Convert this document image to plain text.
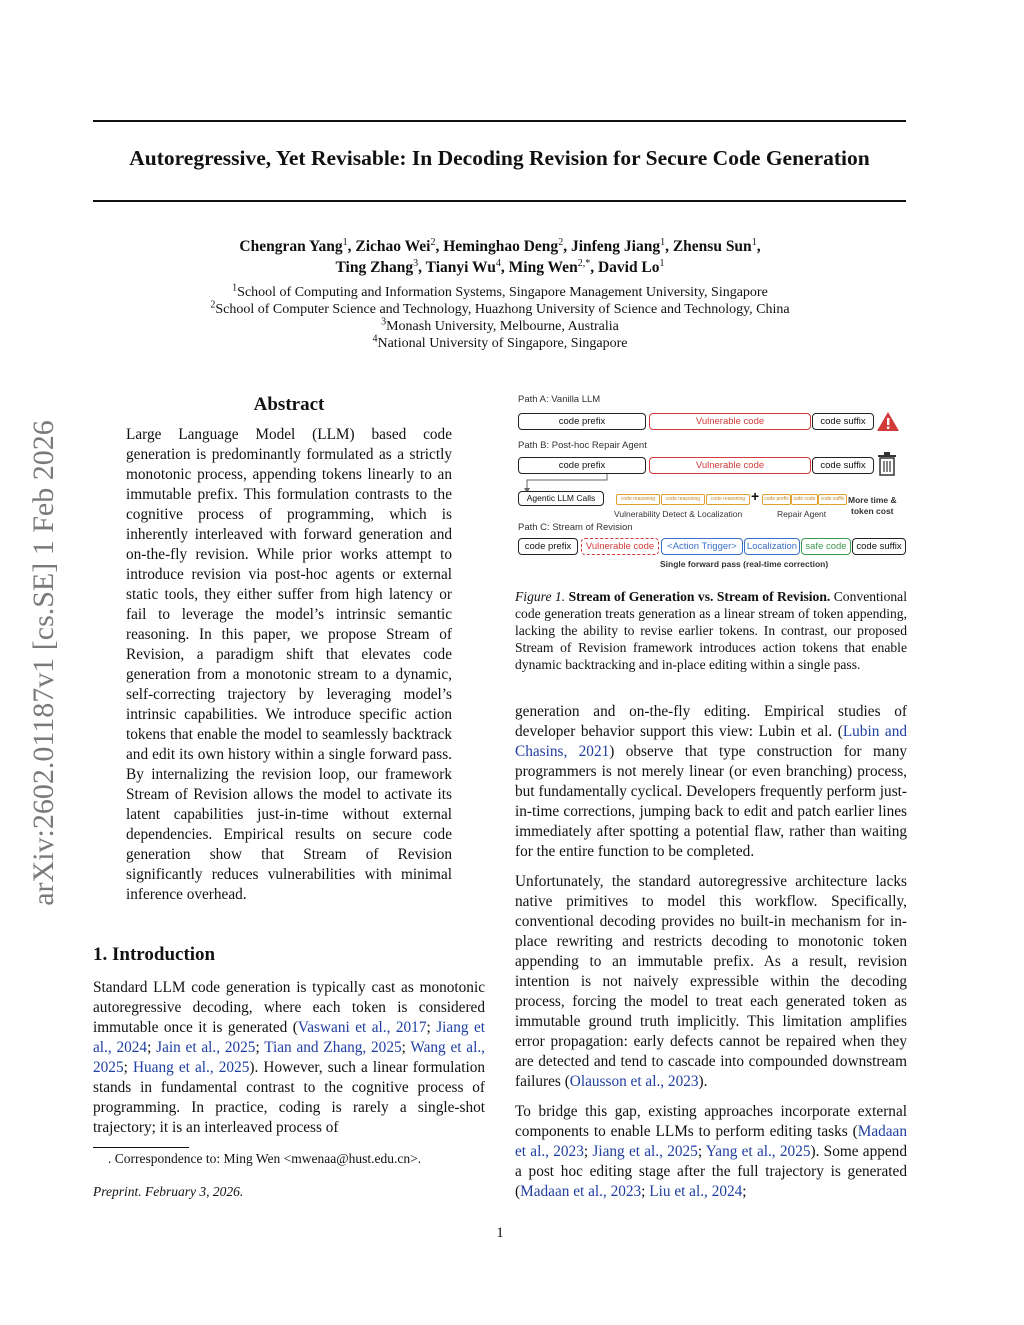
Autoregressive, Yet Revisable: In Decoding Revision for Secure Code Generation
Chengran Yang$^1$, Zichao Wei$^2$, Heminghao Deng$^2$, Jinfeng Jiang$^1$, Zhensu Sun$^1$,
Ting Zhang$^3$, Tianyi Wu$^4$, Ming Wen$^{2,*}$, David Lo$^1$
$^1$School of Computing and Information Systems, Singapore Management University, Singapore
$^2$School of Computer Science and Technology, Huazhong University of Science and Technology, China
$^3$Monash University, Melbourne, Australia
$^4$National University of Singapore, Singapore
arXiv:2602.01187v1 [cs.SE] 1 Feb 2026
Abstract
Large Language Model (LLM) based code generation is predominantly formulated as a strictly monotonic process, appending tokens linearly to an immutable prefix. This formulation contrasts to the cognitive process of programming, which is inherently interleaved with forward generation and on-the-fly revision. While prior works attempt to introduce revision via post-hoc agents or external static tools, they either suffer from high latency or fail to leverage the model’s intrinsic semantic reasoning. In this paper, we propose Stream of Revision, a paradigm shift that elevates code generation from a monotonic stream to a dynamic, self-correcting trajectory by leveraging model’s intrinsic capabilities. We introduce specific action tokens that enable the model to seamlessly backtrack and edit its own history within a single forward pass. By internalizing the revision loop, our framework Stream of Revision allows the model to activate its latent capabilities just-in-time without external dependencies. Empirical results on secure code generation show that Stream of Revision significantly reduces vulnerabilities with minimal inference overhead.
1. Introduction
Standard LLM code generation is typically cast as monotonic autoregressive decoding, where each token is considered immutable once it is generated (Vaswani et al., 2017; Jiang et al., 2024; Jain et al., 2025; Tian and Zhang, 2025; Wang et al., 2025; Huang et al., 2025). However, such a linear formulation stands in fundamental contrast to the cognitive process of programming. In practice, coding is rarely a single-shot trajectory; it is an interleaved process of
. Correspondence to: Ming Wen <mwenaa@hust.edu.cn>.
Preprint. February 3, 2026.
Path A: Vanilla LLM
code prefix	Vulnerable code	code suffix
Path B: Post-hoc Repair Agent
code prefix	Vulnerable code	code suffix
Agentic LLM Calls	code reasoning	code reasoning	code reasoning +	code prefix safe code	code suffix More time &
token cost
Vulnerability Detect & Localization	Repair Agent
Path C: Stream of Revision
code prefix	Vulnerable code	<Action Trigger>	Localization safe code	code suffix
Single forward pass (real-time correction)
Figure 1. Stream of Generation vs. Stream of Revision. Conventional code generation treats generation as a linear stream of token appending, lacking the ability to revise earlier tokens. In contrast, our proposed Stream of Revision framework introduces action tokens that enable dynamic backtracking and in-place editing within a single pass.
generation and on-the-fly editing. Empirical studies of developer behavior support this view: Lubin et al. (Lubin and Chasins, 2021) observe that type construction for many programmers is not merely linear (or even branching) process, but fundamentally cyclical. Developers frequently perform just-in-time corrections, jumping back to edit and patch earlier lines immediately after spotting a potential flaw, rather than waiting for the entire function to be completed.
Unfortunately, the standard autoregressive architecture lacks native primitives to model this workflow. Specifically, conventional decoding provides no built-in mechanism for in-place rewriting and restricts decoding to monotonic token appending to an immutable prefix. As a result, revision intention is not naively expressible within the decoding process, forcing the model to treat each generated token as immutable ground truth implicitly. This limitation amplifies error propagation: early defects cannot be repaired when they are detected and tend to cascade into compounded downstream failures (Olausson et al., 2023).
To bridge this gap, existing approaches incorporate external components to enable LLMs to perform editing tasks (Madaan et al., 2023; Jiang et al., 2025; Yang et al., 2025). Some append a post hoc editing stage after the full trajectory is generated (Madaan et al., 2023; Liu et al., 2024;
1
